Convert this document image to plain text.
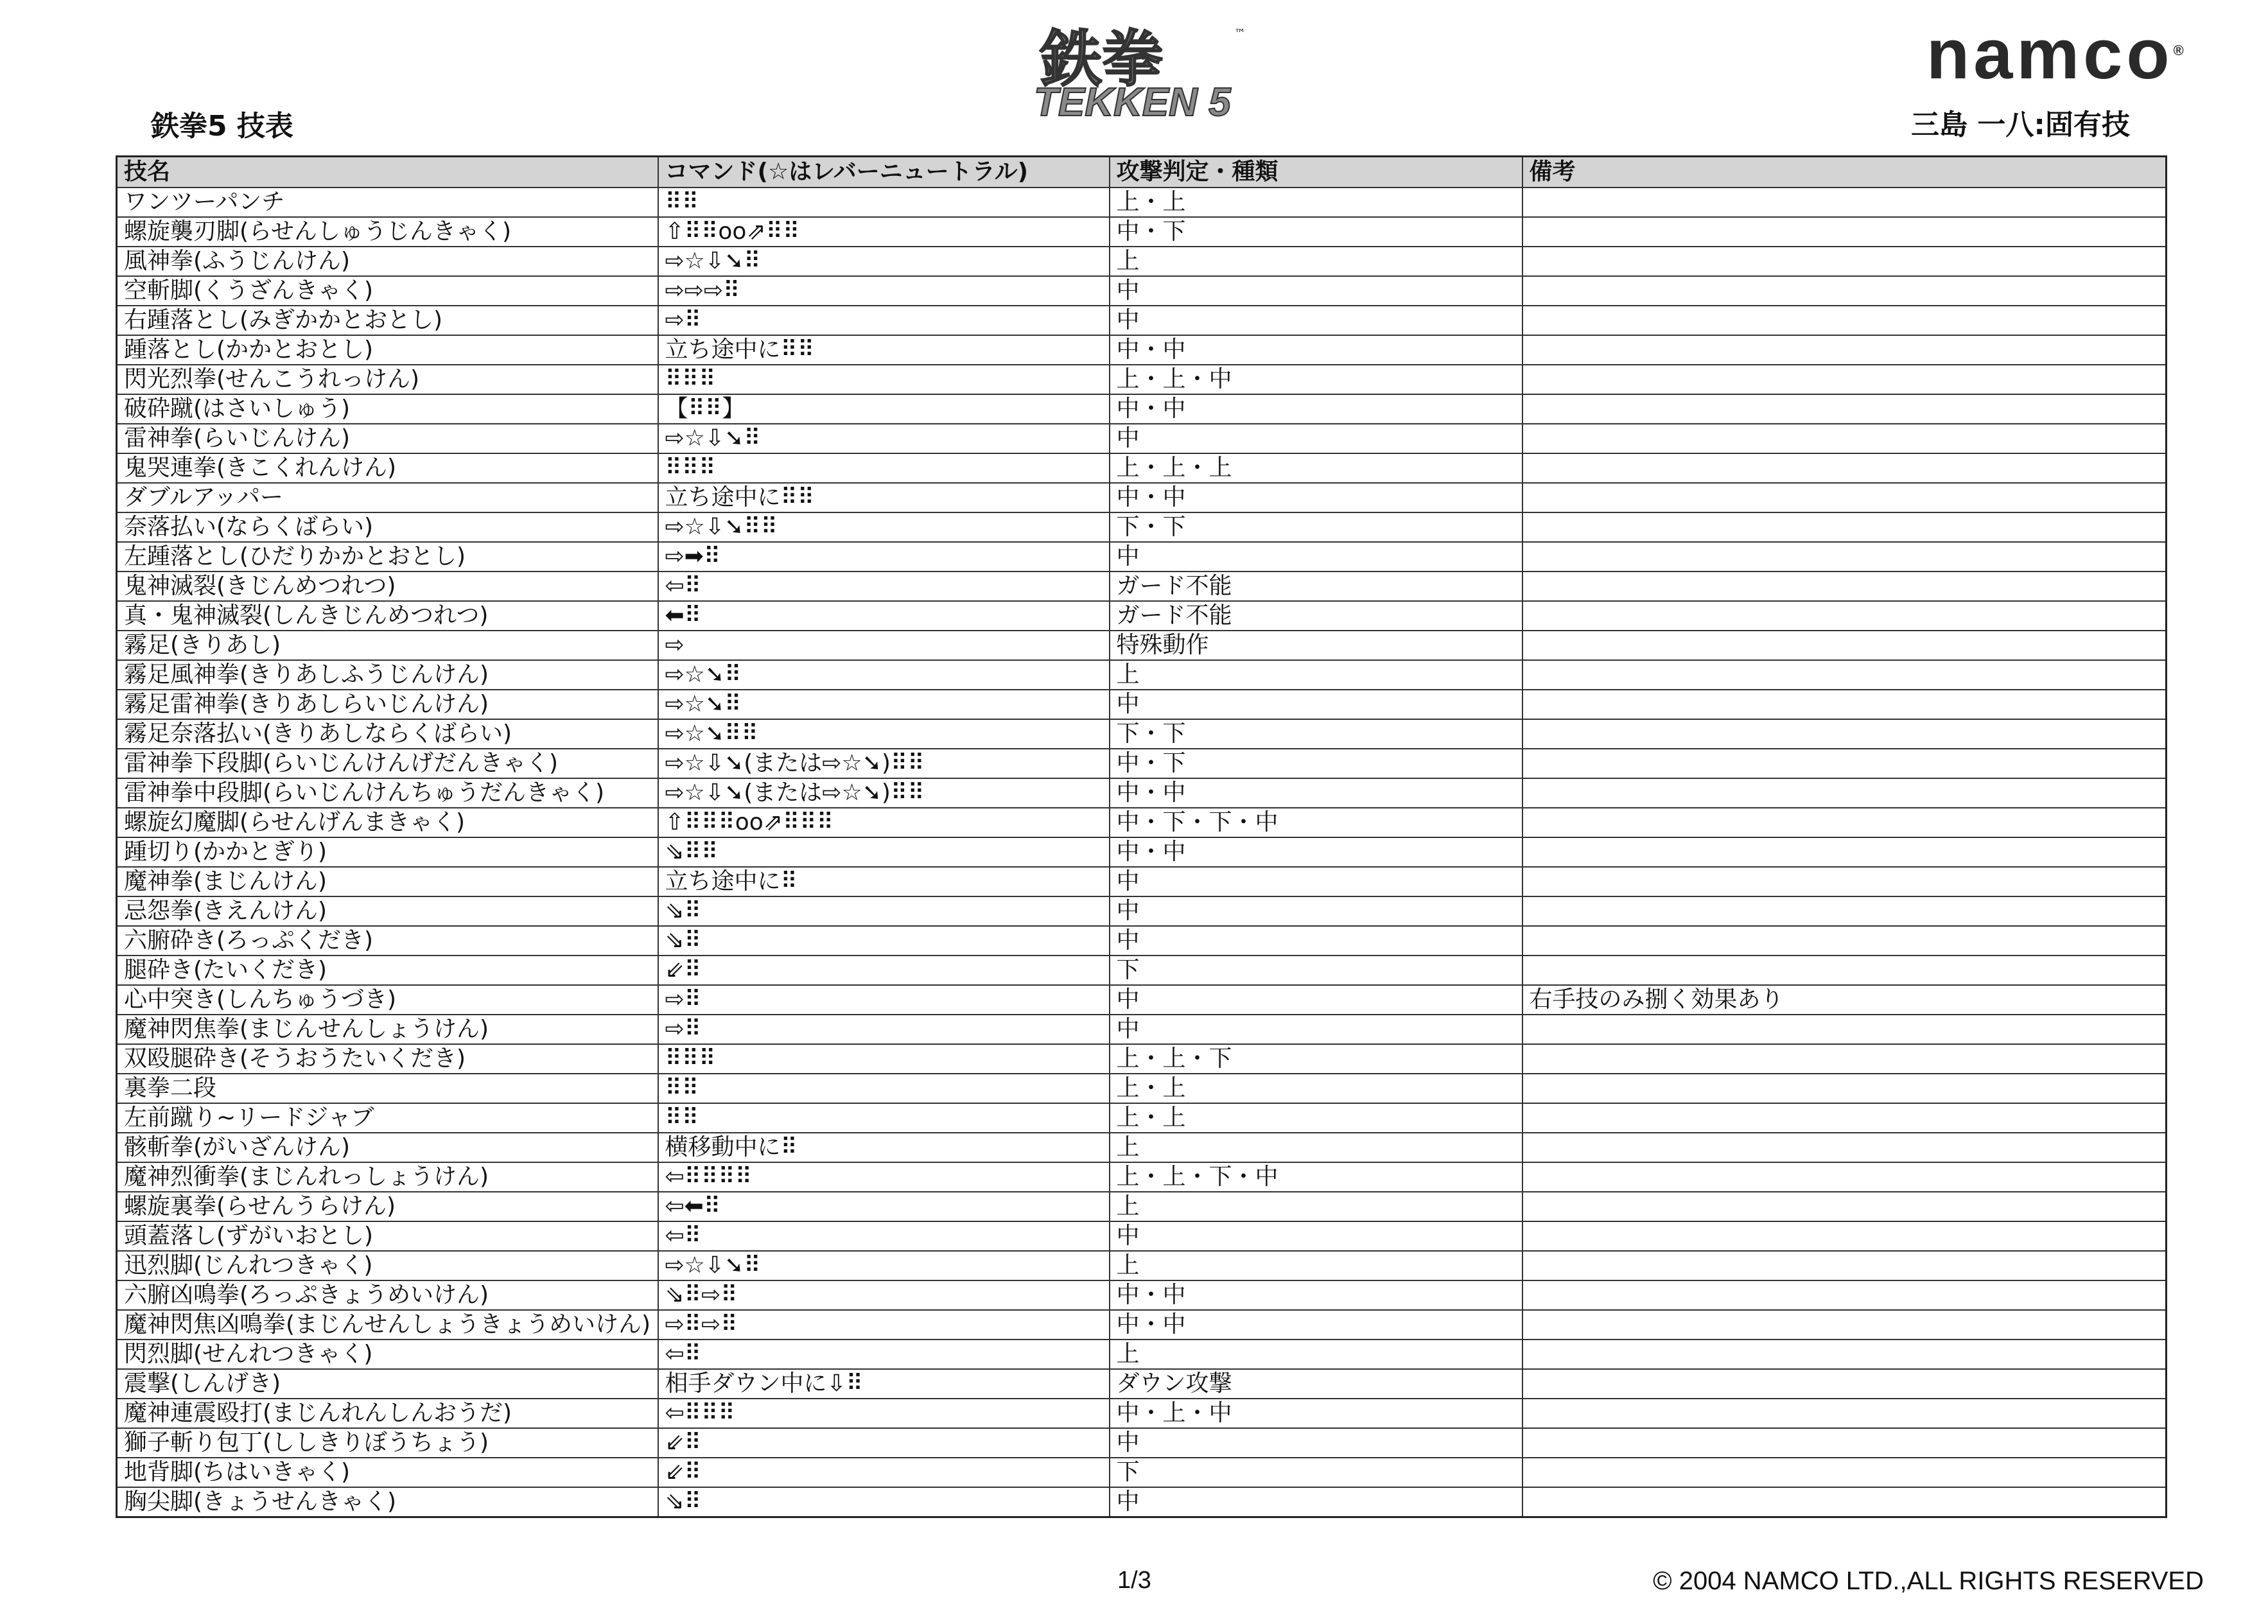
鉄拳
TEKKEN 5
™	namco®
鉄拳5 技表	三島 一八:固有技
技名	コマンド(☆はレバーニュートラル)	攻撃判定・種類	備考
ワンツーパンチ	⠿⠿	上・上	
螺旋襲刃脚(らせんしゅうじんきゃく)	⇧⠿⠿oo⇗⠿⠿	中・下	
風神拳(ふうじんけん)	⇨☆⇩➘⠿	上	
空斬脚(くうざんきゃく)	⇨⇨⇨⠿	中	
右踵落とし(みぎかかとおとし)	⇨⠿	中	
踵落とし(かかとおとし)	立ち途中に⠿⠿	中・中	
閃光烈拳(せんこうれっけん)	⠿⠿⠿	上・上・中	
破砕蹴(はさいしゅう)	【⠿⠿】	中・中	
雷神拳(らいじんけん)	⇨☆⇩➘⠿	中	
鬼哭連拳(きこくれんけん)	⠿⠿⠿	上・上・上	
ダブルアッパー	立ち途中に⠿⠿	中・中	
奈落払い(ならくばらい)	⇨☆⇩➘⠿⠿	下・下	
左踵落とし(ひだりかかとおとし)	⇨➡⠿	中	
鬼神滅裂(きじんめつれつ)	⇦⠿	ガード不能	
真・鬼神滅裂(しんきじんめつれつ)	⬅⠿	ガード不能	
霧足(きりあし)	⇨	特殊動作	
霧足風神拳(きりあしふうじんけん)	⇨☆➘⠿	上	
霧足雷神拳(きりあしらいじんけん)	⇨☆➘⠿	中	
霧足奈落払い(きりあしならくばらい)	⇨☆➘⠿⠿	下・下	
雷神拳下段脚(らいじんけんげだんきゃく)	⇨☆⇩➘(または⇨☆➘)⠿⠿	中・下	
雷神拳中段脚(らいじんけんちゅうだんきゃく)	⇨☆⇩➘(または⇨☆➘)⠿⠿	中・中	
螺旋幻魔脚(らせんげんまきゃく)	⇧⠿⠿⠿oo⇗⠿⠿⠿	中・下・下・中	
踵切り(かかとぎり)	⇘⠿⠿	中・中	
魔神拳(まじんけん)	立ち途中に⠿	中	
忌怨拳(きえんけん)	⇘⠿	中	
六腑砕き(ろっぷくだき)	⇘⠿	中	
腿砕き(たいくだき)	⇙⠿	下	
心中突き(しんちゅうづき)	⇨⠿	中	右手技のみ捌く効果あり
魔神閃焦拳(まじんせんしょうけん)	⇨⠿	中	
双殴腿砕き(そうおうたいくだき)	⠿⠿⠿	上・上・下	
裏拳二段	⠿⠿	上・上	
左前蹴り~リードジャブ	⠿⠿	上・上	
骸斬拳(がいざんけん)	横移動中に⠿	上	
魔神烈衝拳(まじんれっしょうけん)	⇦⠿⠿⠿⠿	上・上・下・中	
螺旋裏拳(らせんうらけん)	⇦⬅⠿	上	
頭蓋落し(ずがいおとし)	⇦⠿	中	
迅烈脚(じんれつきゃく)	⇨☆⇩➘⠿	上	
六腑凶鳴拳(ろっぷきょうめいけん)	⇘⠿⇨⠿	中・中	
魔神閃焦凶鳴拳(まじんせんしょうきょうめいけん)	⇨⠿⇨⠿	中・中	
閃烈脚(せんれつきゃく)	⇦⠿	上	
震撃(しんげき)	相手ダウン中に⇩⠿	ダウン攻撃	
魔神連震殴打(まじんれんしんおうだ)	⇦⠿⠿⠿	中・上・中	
獅子斬り包丁(ししきりぼうちょう)	⇙⠿	中	
地背脚(ちはいきゃく)	⇙⠿	下	
胸尖脚(きょうせんきゃく)	⇘⠿	中	
1/3	© 2004 NAMCO LTD.,ALL RIGHTS RESERVED
